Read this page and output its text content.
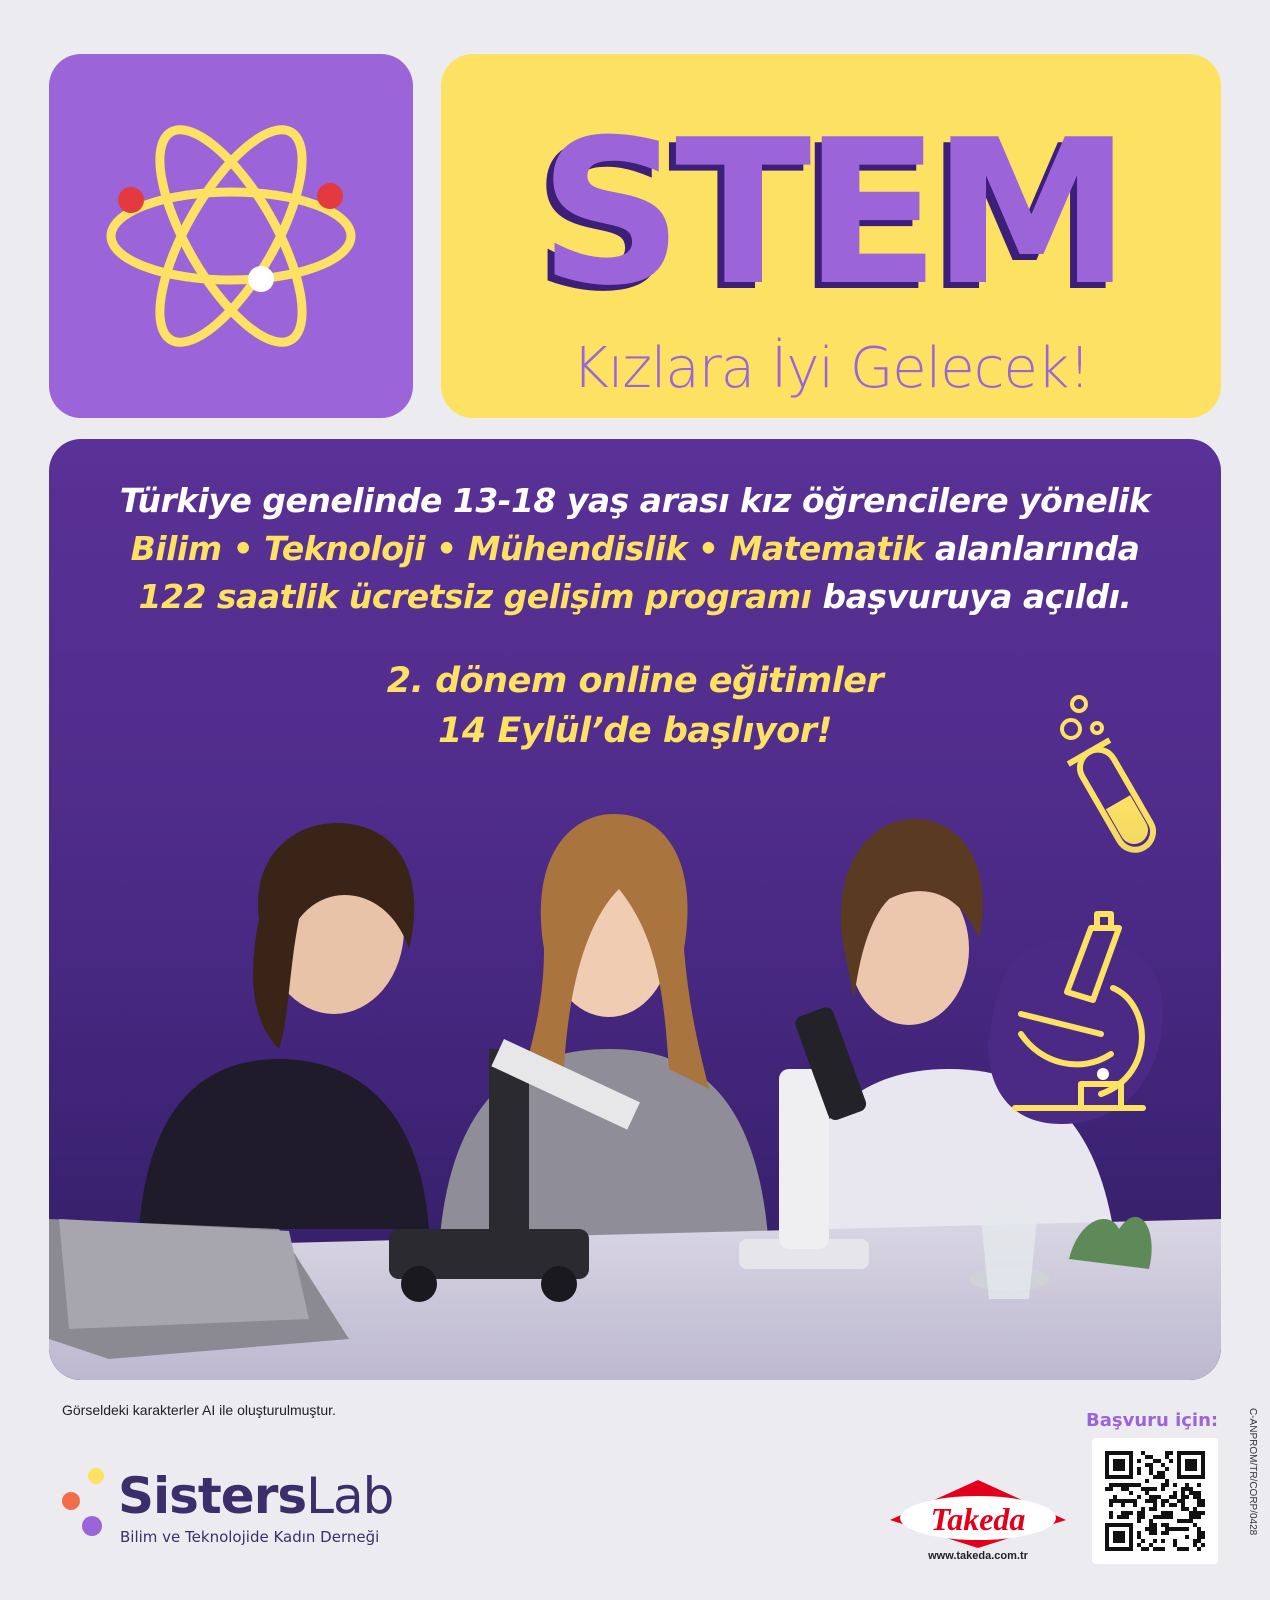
STEM
Kızlara İyi Gelecek!
Türkiye genelinde 13-18 yaş arası kız öğrencilere yönelik
Bilim • Teknoloji • Mühendislik • Matematik alanlarında
122 saatlik ücretsiz gelişim programı başvuruya açıldı.
2. dönem online eğitimler
14 Eylül’de başlıyor!
Görseldeki karakterler AI ile oluşturulmuştur.
SistersLab
Bilim ve Teknolojide Kadın Derneği	Takeda
www.takeda.com.tr
Başvuru için:	C-ANPROM/TR/CORP/0428
